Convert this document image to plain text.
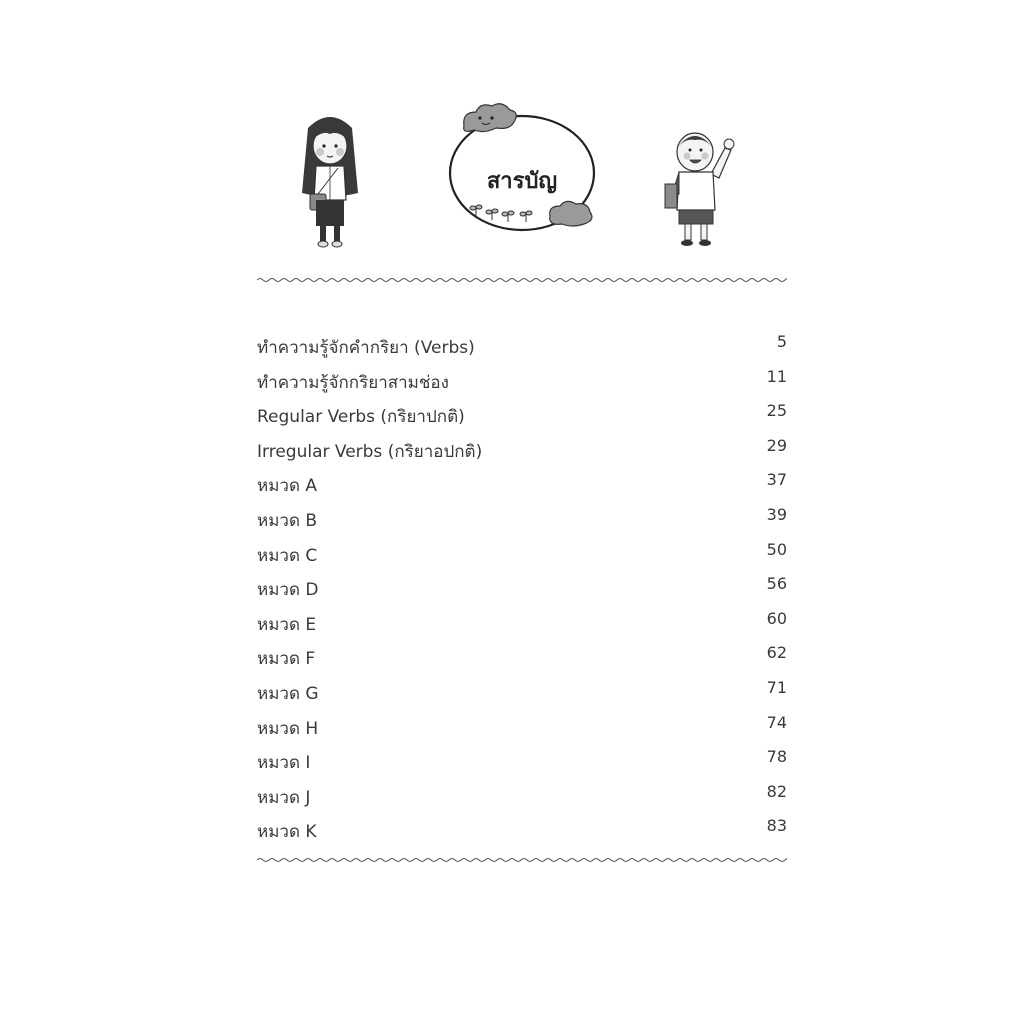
สารบัญ
ทำความรู้จักคำกริยา (Verbs)	5
ทำความรู้จักกริยาสามช่อง	11
Regular Verbs (กริยาปกติ)	25
Irregular Verbs (กริยาอปกติ)	29
หมวด A	37
หมวด B	39
หมวด C	50
หมวด D	56
หมวด E	60
หมวด F	62
หมวด G	71
หมวด H	74
หมวด I	78
หมวด J	82
หมวด K	83
